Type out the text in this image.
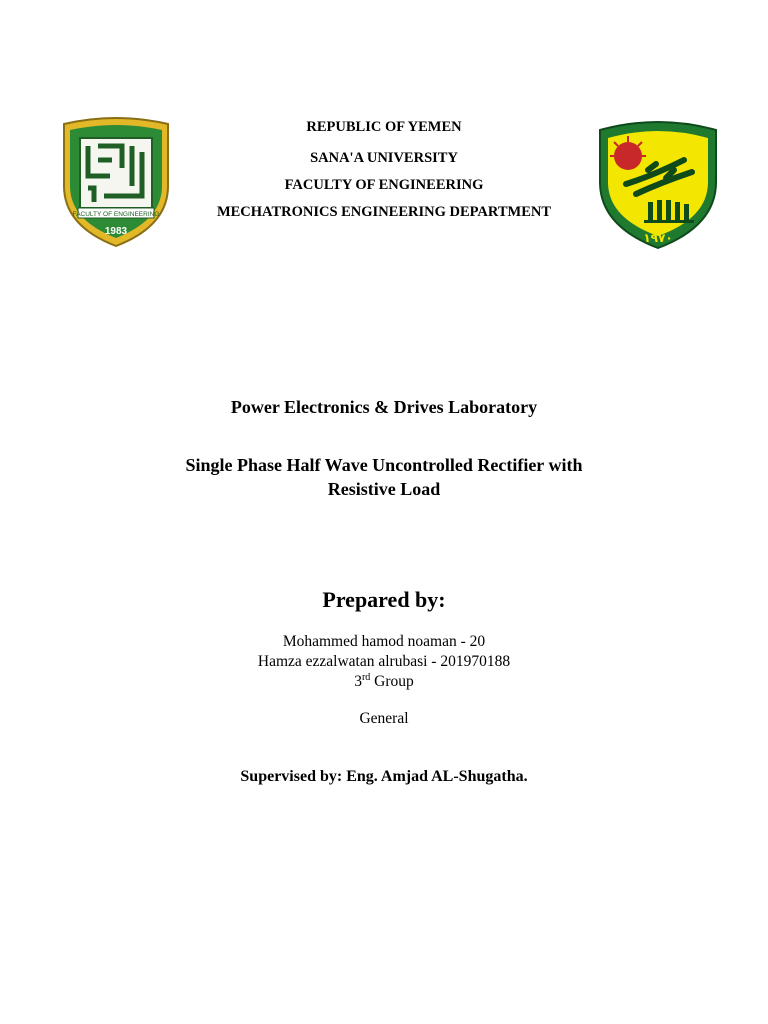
FACULTY OF ENGINEERING
1983
REPUBLIC OF YEMEN
SANA'A UNIVERSITY
FACULTY OF ENGINEERING
MECHATRONICS ENGINEERING DEPARTMENT
١٩٧٠
Power Electronics & Drives Laboratory
Single Phase Half Wave Uncontrolled Rectifier with
Resistive Load
Prepared by:
Mohammed hamod noaman - 20
Hamza ezzalwatan alrubasi - 201970188
3rd Group
General
Supervised by: Eng. Amjad AL-Shugatha.
